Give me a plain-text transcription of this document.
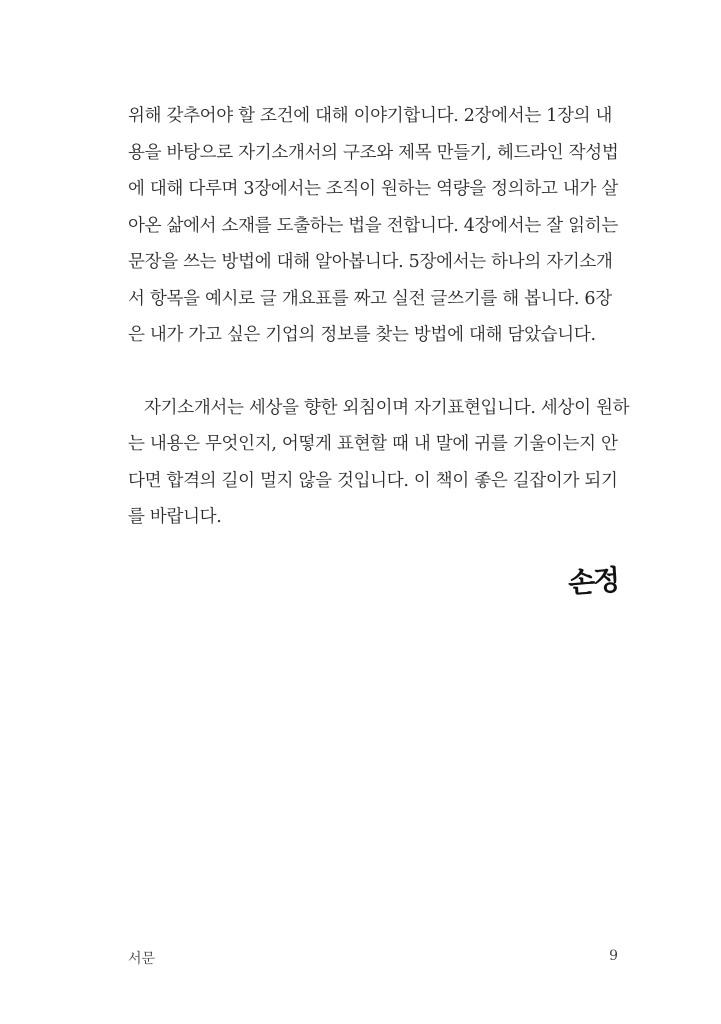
위해 갖추어야 할 조건에 대해 이야기합니다. 2장에서는 1장의 내
용을 바탕으로 자기소개서의 구조와 제목 만들기, 헤드라인 작성법
에 대해 다루며 3장에서는 조직이 원하는 역량을 정의하고 내가 살
아온 삶에서 소재를 도출하는 법을 전합니다. 4장에서는 잘 읽히는
문장을 쓰는 방법에 대해 알아봅니다. 5장에서는 하나의 자기소개
서 항목을 예시로 글 개요표를 짜고 실전 글쓰기를 해 봅니다. 6장
은 내가 가고 싶은 기업의 정보를 찾는 방법에 대해 담았습니다.
자기소개서는 세상을 향한 외침이며 자기표현입니다. 세상이 원하
는 내용은 무엇인지, 어떻게 표현할 때 내 말에 귀를 기울이는지 안
다면 합격의 길이 멀지 않을 것입니다. 이 책이 좋은 길잡이가 되기
를 바랍니다.
손정
서문	9
